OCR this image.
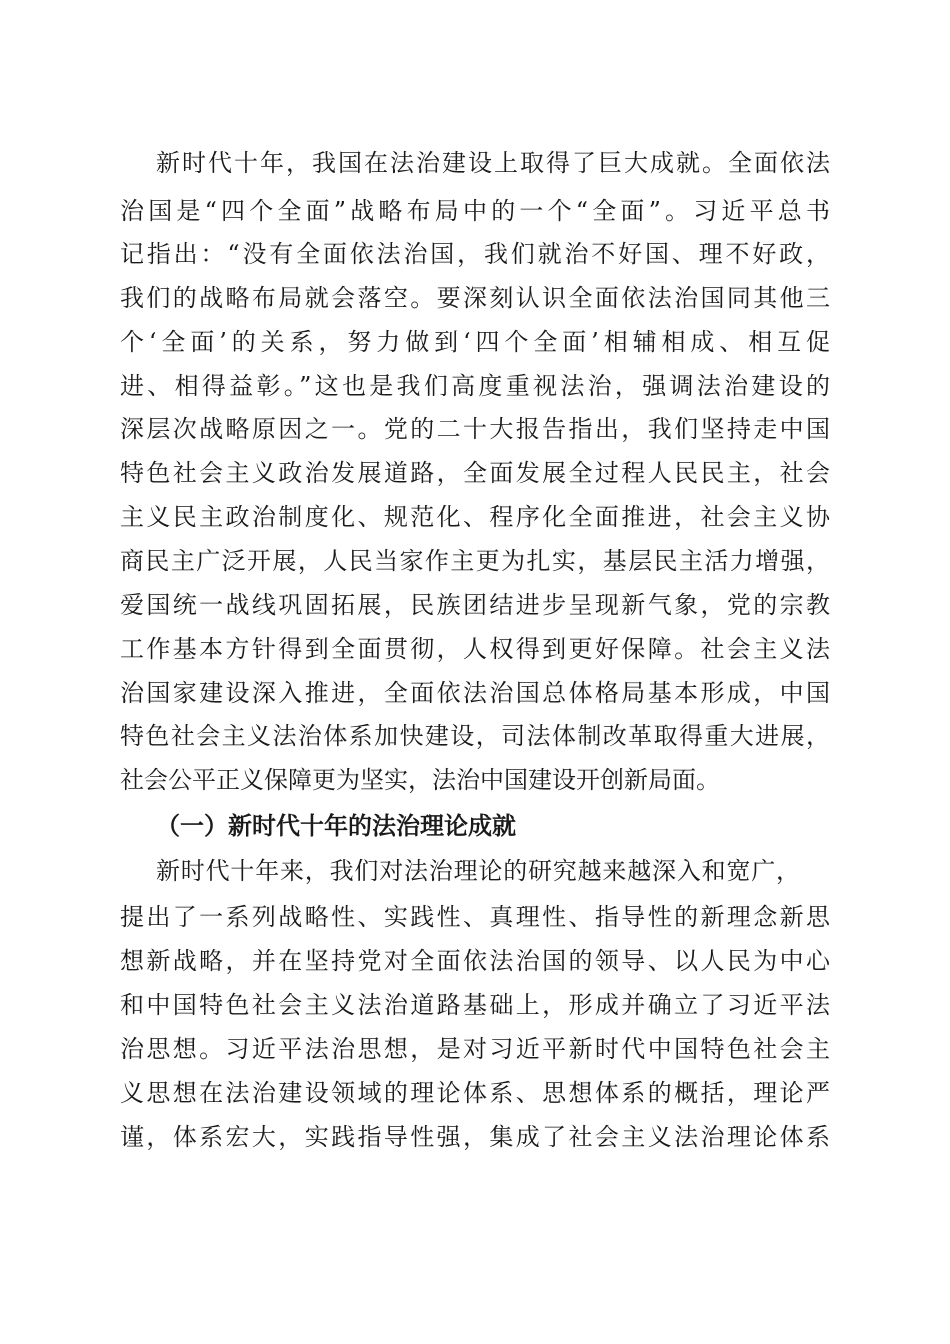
新时代十年，我国在法治建设上取得了巨大成就。全面依法
治国是“四个全面”战略布局中的一个“全面”。习近平总书
记指出：“没有全面依法治国，我们就治不好国、理不好政，
我们的战略布局就会落空。要深刻认识全面依法治国同其他三
个‘全面’的关系，努力做到‘四个全面’相辅相成、相互促
进、相得益彰。”这也是我们高度重视法治，强调法治建设的
深层次战略原因之一。党的二十大报告指出，我们坚持走中国
特色社会主义政治发展道路，全面发展全过程人民民主，社会
主义民主政治制度化、规范化、程序化全面推进，社会主义协
商民主广泛开展，人民当家作主更为扎实，基层民主活力增强，
爱国统一战线巩固拓展，民族团结进步呈现新气象，党的宗教
工作基本方针得到全面贯彻，人权得到更好保障。社会主义法
治国家建设深入推进，全面依法治国总体格局基本形成，中国
特色社会主义法治体系加快建设，司法体制改革取得重大进展，
社会公平正义保障更为坚实，法治中国建设开创新局面。
（一）新时代十年的法治理论成就
新时代十年来，我们对法治理论的研究越来越深入和宽广，
提出了一系列战略性、实践性、真理性、指导性的新理念新思
想新战略，并在坚持党对全面依法治国的领导、以人民为中心
和中国特色社会主义法治道路基础上，形成并确立了习近平法
治思想。习近平法治思想，是对习近平新时代中国特色社会主
义思想在法治建设领域的理论体系、思想体系的概括，理论严
谨，体系宏大，实践指导性强，集成了社会主义法治理论体系
